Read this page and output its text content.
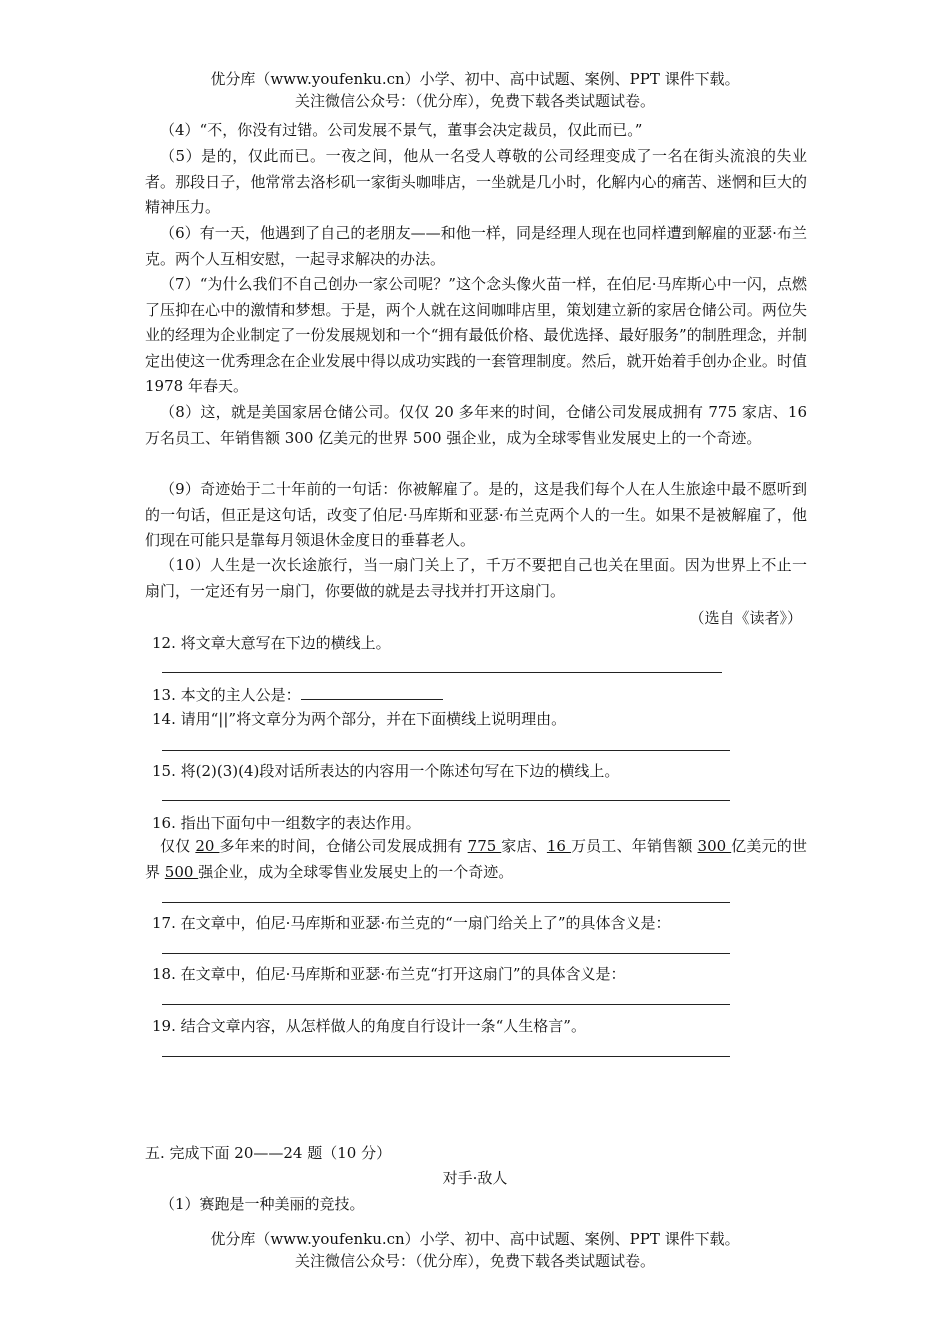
优分库（www.youfenku.cn）小学、初中、高中试题、案例、PPT 课件下载。
关注微信公众号：（优分库），免费下载各类试题试卷。

（4）“不，你没有过错。公司发展不景气，董事会决定裁员，仅此而已。”

（5）是的，仅此而已。一夜之间，他从一名受人尊敬的公司经理变成了一名在街头流浪的失业者。那段日子，他常常去洛杉矶一家街头咖啡店，一坐就是几小时，化解内心的痛苦、迷惘和巨大的精神压力。

（6）有一天，他遇到了自己的老朋友——和他一样，同是经理人现在也同样遭到解雇的亚瑟·布兰克。两个人互相安慰，一起寻求解决的办法。

（7）“为什么我们不自己创办一家公司呢？”这个念头像火苗一样，在伯尼·马库斯心中一闪，点燃了压抑在心中的激情和梦想。于是，两个人就在这间咖啡店里，策划建立新的家居仓储公司。两位失业的经理为企业制定了一份发展规划和一个“拥有最低价格、最优选择、最好服务”的制胜理念，并制定出使这一优秀理念在企业发展中得以成功实践的一套管理制度。然后，就开始着手创办企业。时值 1978 年春天。

（8）这，就是美国家居仓储公司。仅仅 20 多年来的时间，仓储公司发展成拥有 775 家店、16 万名员工、年销售额 300 亿美元的世界 500 强企业，成为全球零售业发展史上的一个奇迹。

（9）奇迹始于二十年前的一句话：你被解雇了。是的，这是我们每个人在人生旅途中最不愿听到的一句话，但正是这句话，改变了伯尼·马库斯和亚瑟·布兰克两个人的一生。如果不是被解雇了，他们现在可能只是靠每月领退休金度日的垂暮老人。

（10）人生是一次长途旅行，当一扇门关上了，千万不要把自己也关在里面。因为世界上不止一扇门，一定还有另一扇门，你要做的就是去寻找并打开这扇门。

（选自《读者》）

12. 将文章大意写在下边的横线上。

13. 本文的主人公是：

14. 请用“||”将文章分为两个部分，并在下面横线上说明理由。

15. 将(2)(3)(4)段对话所表达的内容用一个陈述句写在下边的横线上。

16. 指出下面句中一组数字的表达作用。

仅仅 20 多年来的时间，仓储公司发展成拥有 775 家店、16 万员工、年销售额 300 亿美元的世界 500 强企业，成为全球零售业发展史上的一个奇迹。

17. 在文章中，伯尼·马库斯和亚瑟·布兰克的“一扇门给关上了”的具体含义是：

18. 在文章中，伯尼·马库斯和亚瑟·布兰克“打开这扇门”的具体含义是：

19. 结合文章内容，从怎样做人的角度自行设计一条“人生格言”。

五. 完成下面 20——24 题（10 分）

对手·敌人

（1）赛跑是一种美丽的竞技。

优分库（www.youfenku.cn）小学、初中、高中试题、案例、PPT 课件下载。
关注微信公众号：（优分库），免费下载各类试题试卷。
